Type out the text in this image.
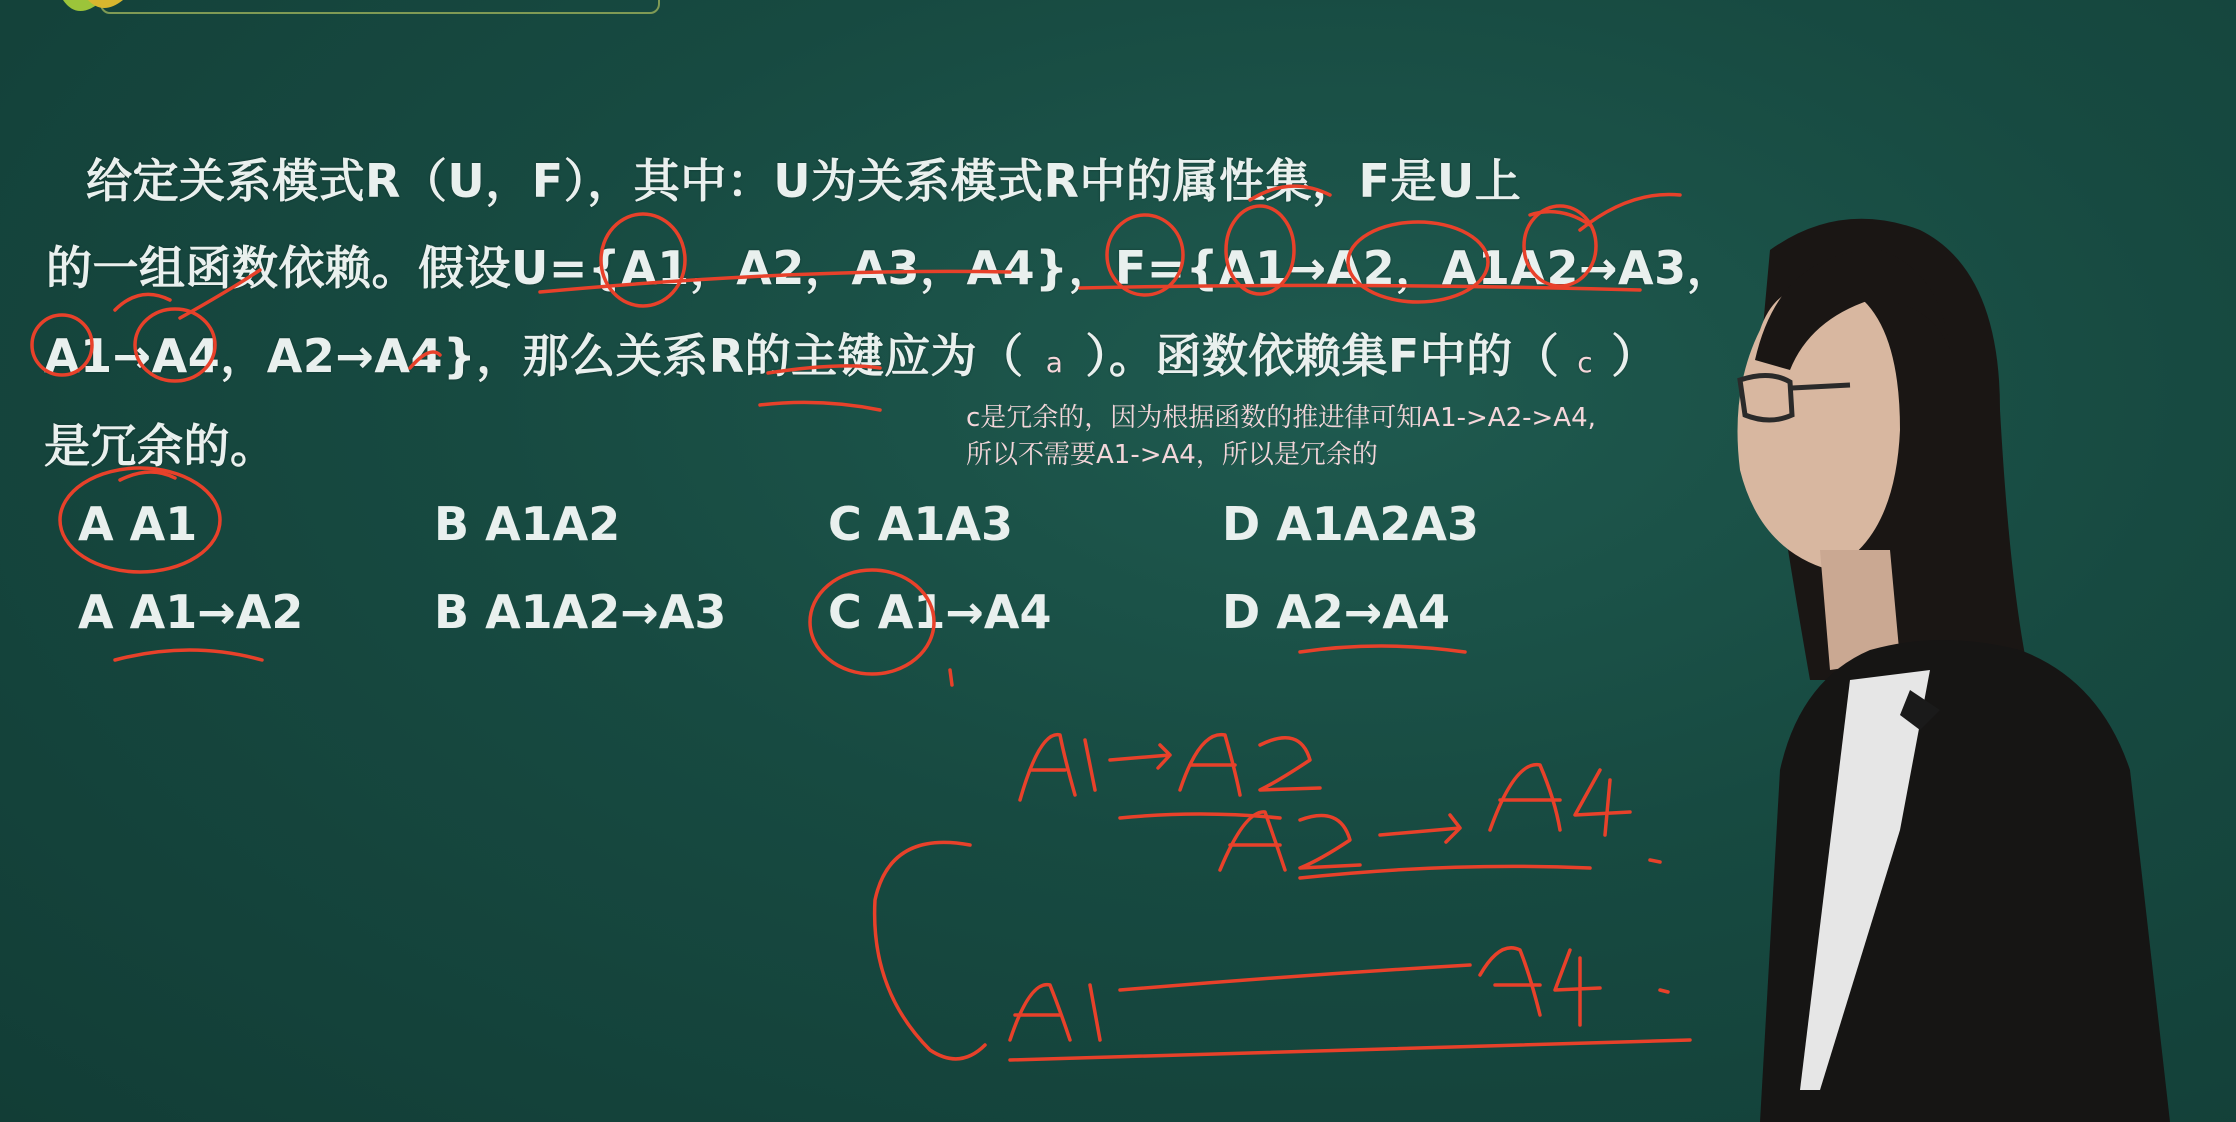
给定关系模式R（U，F），其中：U为关系模式R中的属性集，F是U上
的一组函数依赖。假设U={A1，A2，A3，A4}，F={A1→A2，A1A2→A3，
A1→A4，A2→A4}，那么关系R的主键应为（ a ）。函数依赖集F中的（ c ）
是冗余的。
c是冗余的，因为根据函数的推进律可知A1->A2->A4,
所以不需要A1->A4，所以是冗余的
A A1	B A1A2	C A1A3	D A1A2A3
A A1→A2	B A1A2→A3 C A1→A4	D A2→A4
